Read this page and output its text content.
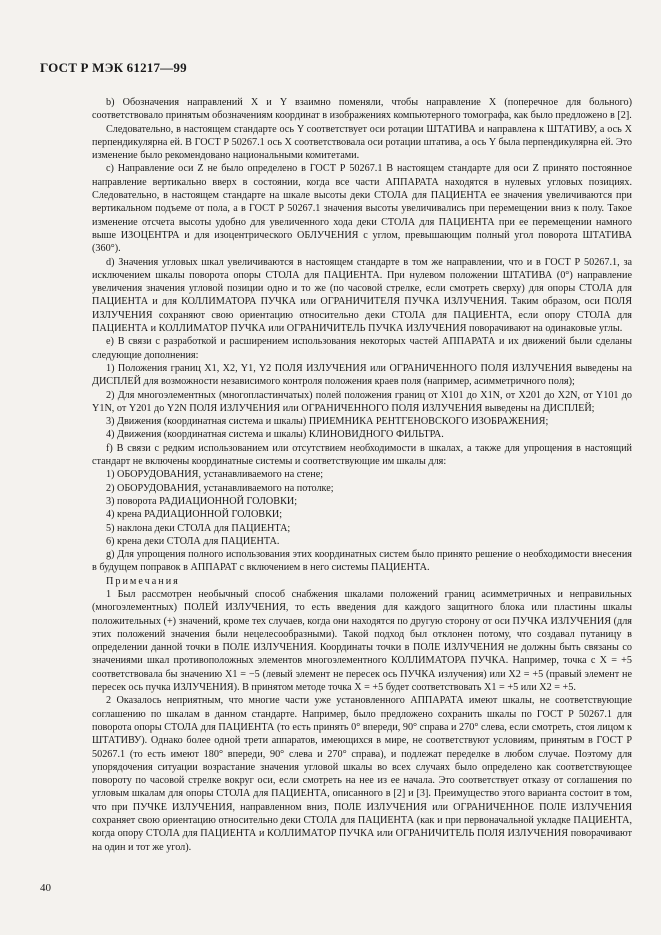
ГОСТ Р МЭК 61217—99

b) Обозначения направлений X и Y взаимно поменяли, чтобы направление X (поперечное для больного) соответствовало принятым обозначениям координат в изображениях компьютерного томографа, как было предложено в [2].

Следовательно, в настоящем стандарте ось Y соответствует оси ротации ШТАТИВА и направлена к ШТАТИВУ, а ось X перпендикулярна ей. В ГОСТ Р 50267.1 ось X соответствовала оси ротации штатива, а ось Y была перпендикулярна ей. Это изменение было рекомендовано национальными комитетами.

c) Направление оси Z не было определено в ГОСТ Р 50267.1 В настоящем стандарте для оси Z принято постоянное направление вертикально вверх в состоянии, когда все части АППАРАТА находятся в нулевых угловых позициях. Следовательно, в настоящем стандарте на шкале высоты деки СТОЛА для ПАЦИЕНТА ее значения увеличиваются при вертикальном подъеме от пола, а в ГОСТ Р 50267.1 значения высоты увеличивались при перемещении вниз к полу. Такое изменение отсчета высоты удобно для увеличенного хода деки СТОЛА для ПАЦИЕНТА при ее перемещении намного выше ИЗОЦЕНТРА и для изоцентрического ОБЛУЧЕНИЯ с углом, превышающим полный угол поворота ШТАТИВА (360°).

d) Значения угловых шкал увеличиваются в настоящем стандарте в том же направлении, что и в ГОСТ Р 50267.1, за исключением шкалы поворота опоры СТОЛА для ПАЦИЕНТА. При нулевом положении ШТАТИВА (0°) направление увеличения значения угловой позиции одно и то же (по часовой стрелке, если смотреть сверху) для опоры СТОЛА для ПАЦИЕНТА и для КОЛЛИМАТОРА ПУЧКА или ОГРАНИЧИТЕЛЯ ПУЧКА ИЗЛУЧЕНИЯ. Таким образом, оси ПОЛЯ ИЗЛУЧЕНИЯ сохраняют свою ориентацию относительно деки СТОЛА для ПАЦИЕНТА, если опору СТОЛА для ПАЦИЕНТА и КОЛЛИМАТОР ПУЧКА или ОГРАНИЧИТЕЛЬ ПУЧКА ИЗЛУЧЕНИЯ поворачивают на одинаковые углы.

e) В связи с разработкой и расширением использования некоторых частей АППАРАТА и их движений были сделаны следующие дополнения:

1) Положения границ X1, X2, Y1, Y2 ПОЛЯ ИЗЛУЧЕНИЯ или ОГРАНИЧЕННОГО ПОЛЯ ИЗЛУЧЕНИЯ выведены на ДИСПЛЕЙ для возможности независимого контроля положения краев поля (например, асимметричного поля);

2) Для многоэлементных (многопластинчатых) полей положения границ от X101 до X1N, от X201 до X2N, от Y101 до Y1N, от Y201 до Y2N ПОЛЯ ИЗЛУЧЕНИЯ или ОГРАНИЧЕННОГО ПОЛЯ ИЗЛУЧЕНИЯ выведены на ДИСПЛЕЙ;

3) Движения (координатная система и шкалы) ПРИЕМНИКА РЕНТГЕНОВСКОГО ИЗОБРАЖЕНИЯ;

4) Движения (координатная система и шкалы) КЛИНОВИДНОГО ФИЛЬТРА.

f) В связи с редким использованием или отсутствием необходимости в шкалах, а также для упрощения в настоящий стандарт не включены координатные системы и соответствующие им шкалы для:

1) ОБОРУДОВАНИЯ, устанавливаемого на стене;

2) ОБОРУДОВАНИЯ, устанавливаемого на потолке;

3) поворота РАДИАЦИОННОЙ ГОЛОВКИ;

4) крена РАДИАЦИОННОЙ ГОЛОВКИ;

5) наклона деки СТОЛА для ПАЦИЕНТА;

6) крена деки СТОЛА для ПАЦИЕНТА.

g) Для упрощения полного использования этих координатных систем было принято решение о необходимости внесения в будущем поправок в АППАРАТ с включением в него системы ПАЦИЕНТА.

Примечания

1 Был рассмотрен необычный способ снабжения шкалами положений границ асимметричных и неправильных (многоэлементных) ПОЛЕЙ ИЗЛУЧЕНИЯ, то есть введения для каждого защитного блока или пластины шкалы положительных (+) значений, кроме тех случаев, когда они находятся по другую сторону от оси ПУЧКА ИЗЛУЧЕНИЯ (для этих положений значения были нецелесообразными). Такой подход был отклонен потому, что создавал путаницу в определении данной точки в ПОЛЕ ИЗЛУЧЕНИЯ. Координаты точки в ПОЛЕ ИЗЛУЧЕНИЯ не должны быть связаны со значениями шкал противоположных элементов многоэлементного КОЛЛИМАТОРА ПУЧКА. Например, точка с X = +5 соответствовала бы значению X1 = −5 (левый элемент не пересек ось ПУЧКА излучения) или X2 = +5 (правый элемент не пересек ось пучка ИЗЛУЧЕНИЯ). В принятом методе точка X = +5 будет соответствовать X1 = +5 или X2 = +5.

2 Оказалось неприятным, что многие части уже установленного АППАРАТА имеют шкалы, не соответствующие соглашению по шкалам в данном стандарте. Например, было предложено сохранить шкалы по ГОСТ Р 50267.1 для поворота опоры СТОЛА для ПАЦИЕНТА (то есть принять 0° впереди, 90° справа и 270° слева, если смотреть, стоя лицом к ШТАТИВУ). Однако более одной трети аппаратов, имеющихся в мире, не соответствуют условиям, принятым в ГОСТ Р 50267.1 (то есть имеют 180° впереди, 90° слева и 270° справа), и подлежат переделке в любом случае. Поэтому для упорядочения ситуации возрастание значения угловой шкалы во всех случаях было определено как соответствующее повороту по часовой стрелке вокруг оси, если смотреть на нее из ее начала. Это соответствует отказу от соглашения по угловым шкалам для опоры СТОЛА для ПАЦИЕНТА, описанного в [2] и [3]. Преимущество этого варианта состоит в том, что при ПУЧКЕ ИЗЛУЧЕНИЯ, направленном вниз, ПОЛЕ ИЗЛУЧЕНИЯ или ОГРАНИЧЕННОЕ ПОЛЕ ИЗЛУЧЕНИЯ сохраняет свою ориентацию относительно деки СТОЛА для ПАЦИЕНТА (как и при первоначальной укладке ПАЦИЕНТА, когда опору СТОЛА для ПАЦИЕНТА и КОЛЛИМАТОР ПУЧКА или ОГРАНИЧИТЕЛЬ ПОЛЯ ИЗЛУЧЕНИЯ поворачивают на один и тот же угол).

40
